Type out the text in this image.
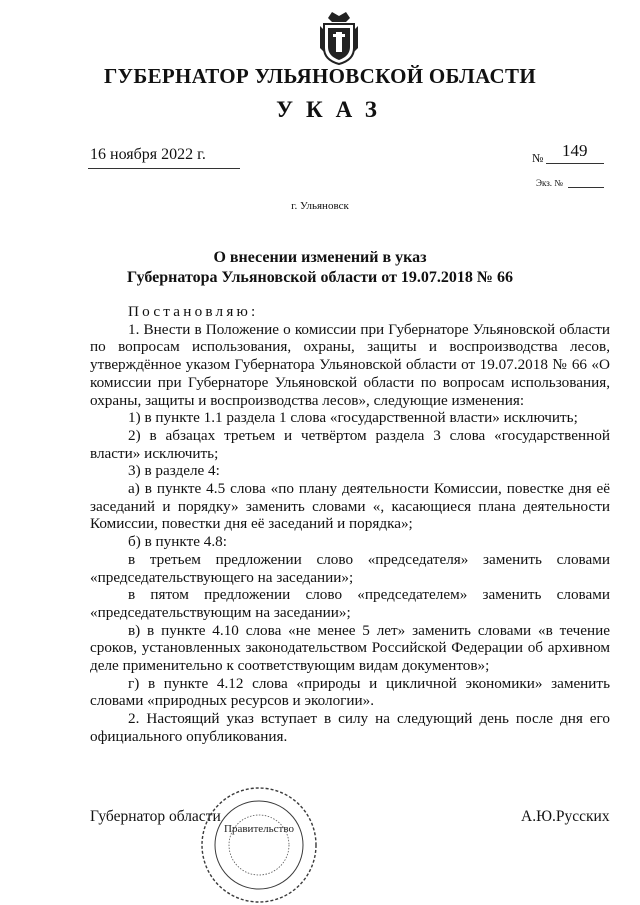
ГУБЕРНАТОР УЛЬЯНОВСКОЙ ОБЛАСТИ
УКАЗ
16 ноября 2022 г.	№ 149
Экз. №
г. Ульяновск
О внесении изменений в указ
Губернатора Ульяновской области от 19.07.2018 № 66

Постановляю:

1. Внести в Положение о комиссии при Губернаторе Ульяновской области по вопросам использования, охраны, защиты и воспроизводства лесов, утверждённое указом Губернатора Ульяновской области от 19.07.2018 № 66 «О комиссии при Губернаторе Ульяновской области по вопросам использования, охраны, защиты и воспроизводства лесов», следующие изменения:

1) в пункте 1.1 раздела 1 слова «государственной власти» исключить;

2) в абзацах третьем и четвёртом раздела 3 слова «государственной власти» исключить;

3) в разделе 4:

а) в пункте 4.5 слова «по плану деятельности Комиссии, повестке дня её заседаний и порядку» заменить словами «, касающиеся плана деятельности Комиссии, повестки дня её заседаний и порядка»;

б) в пункте 4.8:

в третьем предложении слово «председателя» заменить словами «председательствующего на заседании»;

в пятом предложении слово «председателем» заменить словами «председательствующим на заседании»;

в) в пункте 4.10 слова «не менее 5 лет» заменить словами «в течение сроков, установленных законодательством Российской Федерации об архивном деле применительно к соответствующим видам документов»;

г) в пункте 4.12 слова «природы и цикличной экономики» заменить словами «природных ресурсов и экологии».

2. Настоящий указ вступает в силу на следующий день после дня его официального опубликования.

Губернатор области	А.Ю.Русских
Правительство
